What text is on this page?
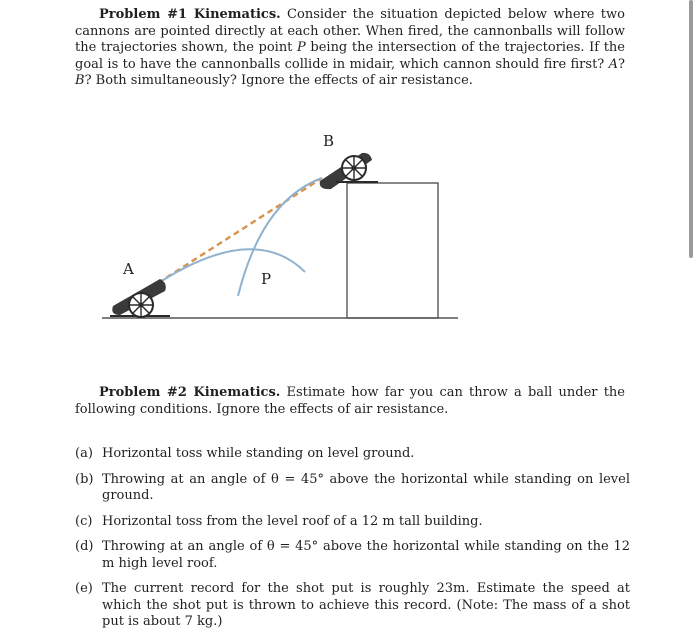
Problem #1 Kinematics. Consider the situation depicted below where two cannons are pointed directly at each other. When fired, the cannonballs will follow the trajectories shown, the point P being the intersection of the trajectories. If the goal is to have the cannonballs collide in midair, which cannon should fire first? A? B? Both simultaneously? Ignore the effects of air resistance.
A
B
P
Problem #2 Kinematics. Estimate how far you can throw a ball under the following conditions. Ignore the effects of air resistance.
(a) Horizontal toss while standing on level ground.
(b) Throwing at an angle of θ = 45° above the horizontal while standing on level ground.
(c) Horizontal toss from the level roof of a 12 m tall building.
(d) Throwing at an angle of θ = 45° above the horizontal while standing on the 12 m high level roof.
(e) The current record for the shot put is roughly 23m. Estimate the speed at which the shot put is thrown to achieve this record. (Note: The mass of a shot put is about 7 kg.)
